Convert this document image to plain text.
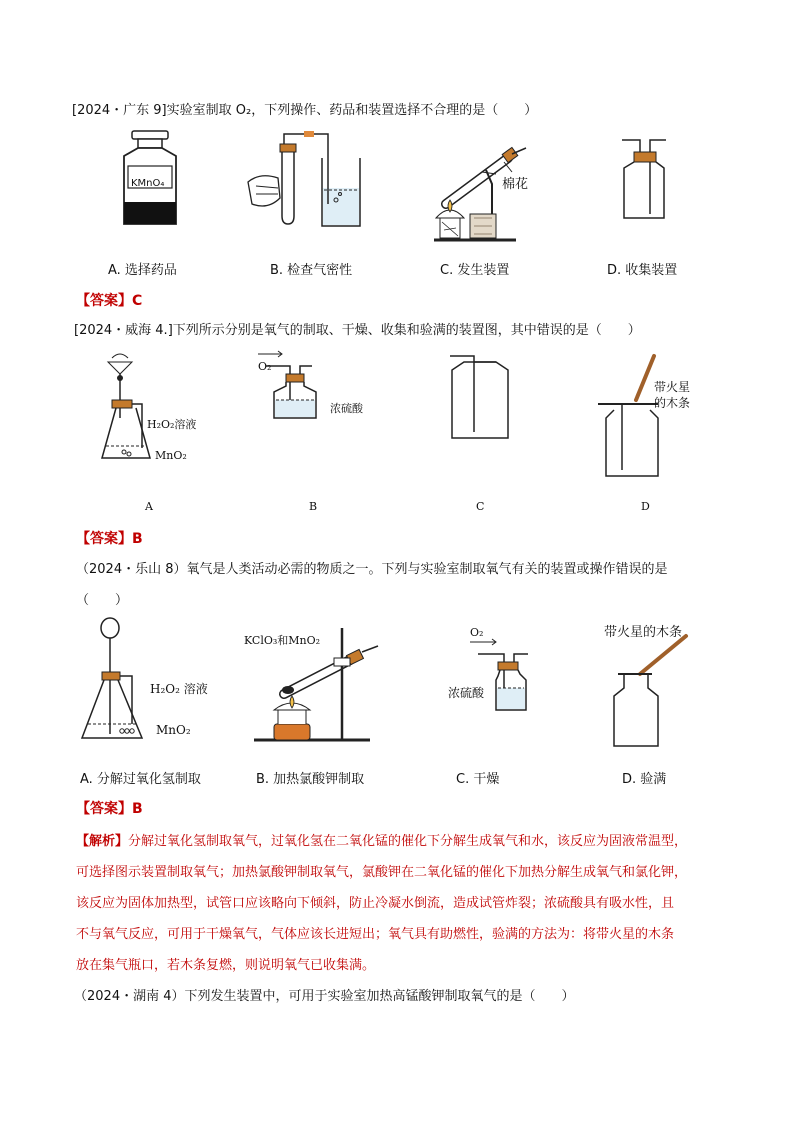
[2024・广东 9]实验室制取 O₂，下列操作、药品和装置选择不合理的是（　　）
KMnO₄	棉花
A. 选择药品	B. 检查气密性	C. 发生装置	D. 收集装置
【答案】C
[2024・威海 4.]下列所示分别是氧气的制取、干燥、收集和验满的装置图，其中错误的是（　　）
H₂O₂溶液
MnO₂
O₂
浓硫酸
带火星
的木条
A	B	C	D
【答案】B
（2024・乐山 8）氧气是人类活动必需的物质之一。下列与实验室制取氧气有关的装置或操作错误的是
（　　）
H₂O₂ 溶液
MnO₂
KClO₃和MnO₂
O₂
浓硫酸
带火星的木条
A. 分解过氧化氢制取	B. 加热氯酸钾制取	C. 干燥	D. 验满
【答案】B
【解析】分解过氧化氢制取氧气，过氧化氢在二氧化锰的催化下分解生成氧气和水，该反应为固液常温型，
可选择图示装置制取氧气；加热氯酸钾制取氧气，氯酸钾在二氧化锰的催化下加热分解生成氧气和氯化钾，
该反应为固体加热型，试管口应该略向下倾斜，防止冷凝水倒流，造成试管炸裂；浓硫酸具有吸水性，且
不与氧气反应，可用于干燥氧气，气体应该长进短出；氧气具有助燃性，验满的方法为：将带火星的木条
放在集气瓶口，若木条复燃，则说明氧气已收集满。
（2024・湖南 4）下列发生装置中，可用于实验室加热高锰酸钾制取氧气的是（　　）
